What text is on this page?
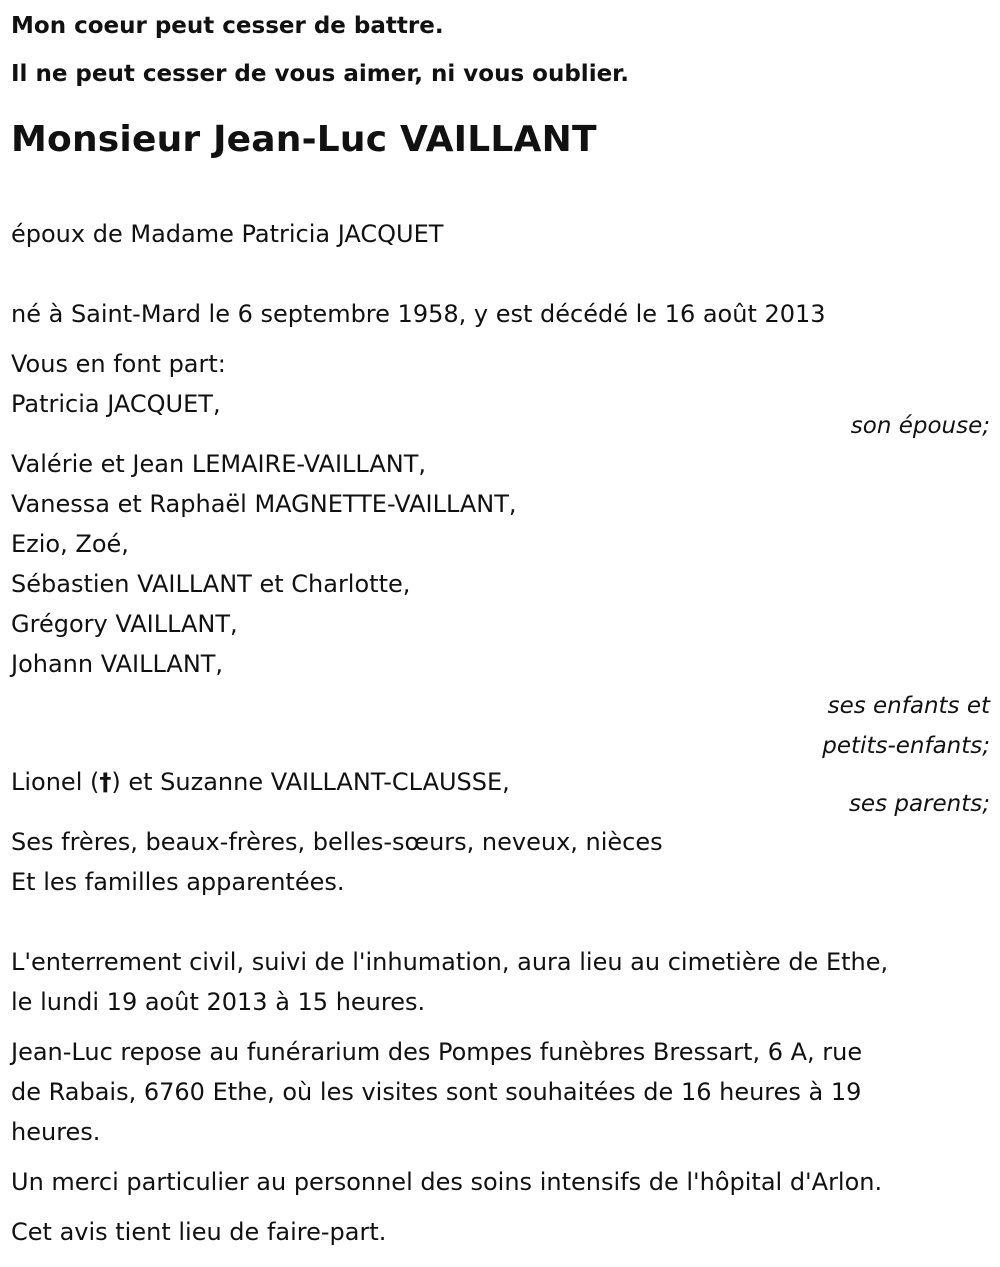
Mon coeur peut cesser de battre.

Il ne peut cesser de vous aimer, ni vous oublier.

Monsieur Jean-Luc VAILLANT

époux de Madame Patricia JACQUET

né à Saint-Mard le 6 septembre 1958, y est décédé le 16 août 2013

Vous en font part:

Patricia JACQUET,

son épouse;

Valérie et Jean LEMAIRE-VAILLANT,

Vanessa et Raphaël MAGNETTE-VAILLANT,

Ezio, Zoé,

Sébastien VAILLANT et Charlotte,

Grégory VAILLANT,

Johann VAILLANT,

ses enfants et

petits-enfants;

Lionel (†) et Suzanne VAILLANT-CLAUSSE,

ses parents;

Ses frères, beaux-frères, belles-sœurs, neveux, nièces

Et les familles apparentées.

L'enterrement civil, suivi de l'inhumation, aura lieu au cimetière de Ethe,

le lundi 19 août 2013 à 15 heures.

Jean-Luc repose au funérarium des Pompes funèbres Bressart, 6 A, rue

de Rabais, 6760 Ethe, où les visites sont souhaitées de 16 heures à 19

heures.

Un merci particulier au personnel des soins intensifs de l'hôpital d'Arlon.

Cet avis tient lieu de faire-part.
